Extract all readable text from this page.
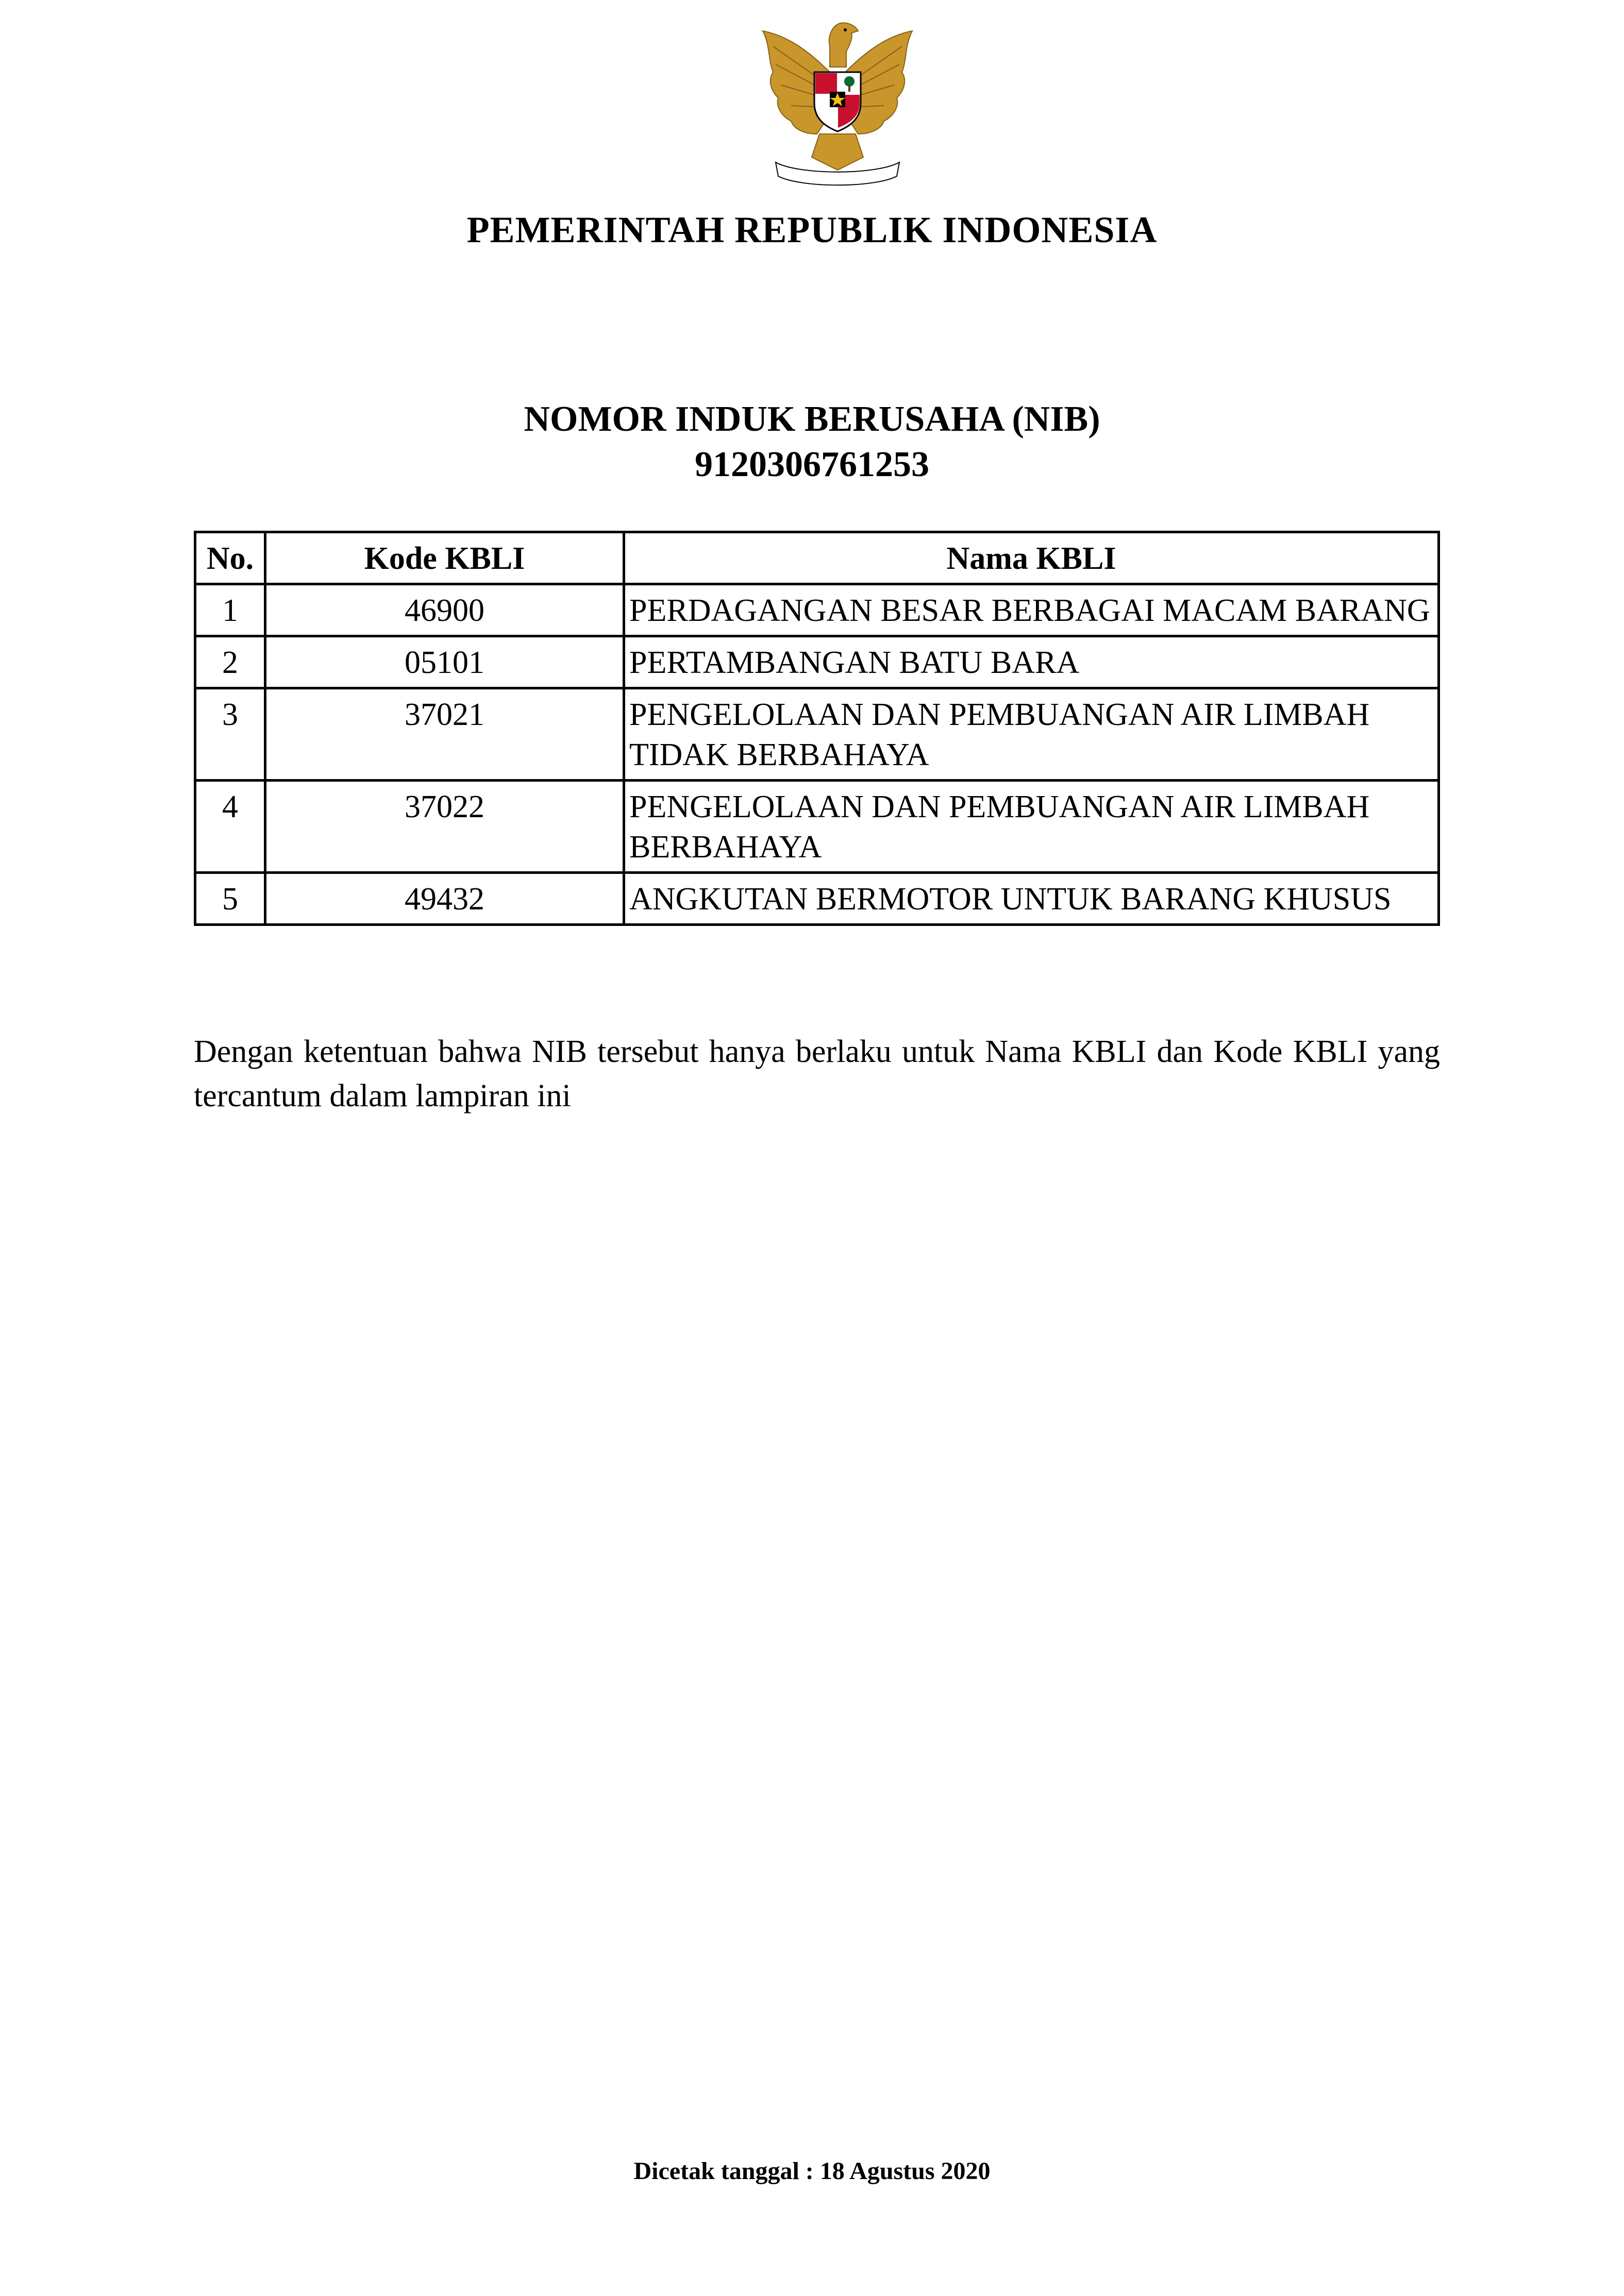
PEMERINTAH REPUBLIK INDONESIA
NOMOR INDUK BERUSAHA (NIB)
9120306761253
No.	Kode KBLI	Nama KBLI
1	46900	PERDAGANGAN BESAR BERBAGAI MACAM BARANG
2	05101	PERTAMBANGAN BATU BARA
3	37021	PENGELOLAAN DAN PEMBUANGAN AIR LIMBAH TIDAK BERBAHAYA
4	37022	PENGELOLAAN DAN PEMBUANGAN AIR LIMBAH BERBAHAYA
5	49432	ANGKUTAN BERMOTOR UNTUK BARANG KHUSUS
Dengan ketentuan bahwa NIB tersebut hanya berlaku untuk Nama KBLI dan Kode KBLI yang tercantum dalam lampiran ini
Dicetak tanggal : 18 Agustus 2020
